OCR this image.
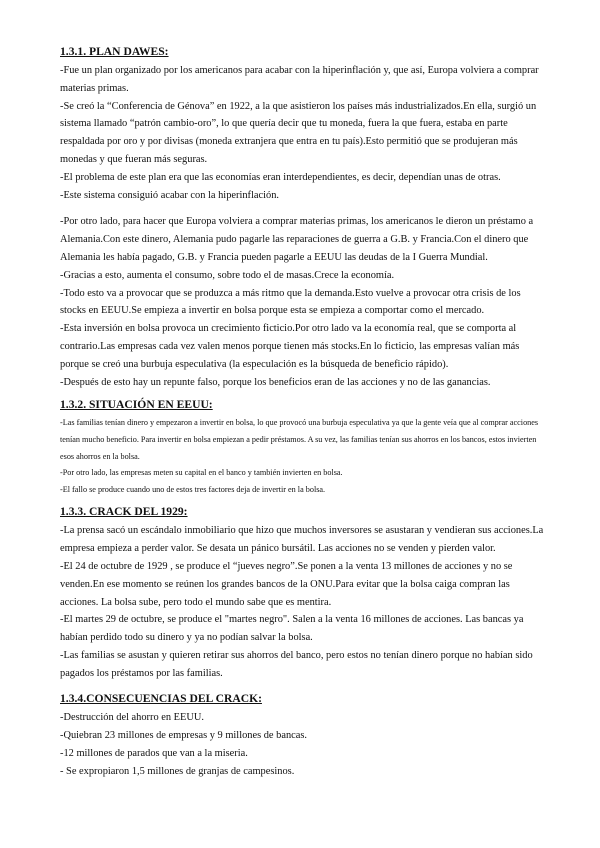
1.3.1. PLAN DAWES:

-Fue un plan organizado por los americanos para acabar con la hiperinflación y, que así, Europa volviera a comprar materias primas.

-Se creó la “Conferencia de Génova” en 1922, a la que asistieron los países más industrializados.En ella, surgió un sistema llamado “patrón cambio-oro”, lo que quería decir que tu moneda, fuera la que fuera, estaba en parte respaldada por oro y por divisas (moneda extranjera que entra en tu país).Esto permitió que se produjeran más monedas y que fueran más seguras.

-El problema de este plan era que las economías eran interdependientes, es decir, dependían unas de otras.

-Este sistema consiguió acabar con la hiperinflación.

-Por otro lado, para hacer que Europa volviera a comprar materias primas, los americanos le dieron un préstamo a Alemania.Con este dinero, Alemania pudo pagarle las reparaciones de guerra a G.B. y Francia.Con el dinero que Alemania les había pagado, G.B. y Francia pueden pagarle a EEUU las deudas de la I Guerra Mundial.

-Gracias a esto, aumenta el consumo, sobre todo el de masas.Crece la economía.

-Todo esto va a provocar que se produzca a más ritmo que la demanda.Esto vuelve a provocar otra crisis de los stocks en EEUU.Se empieza a invertir en bolsa porque esta se empieza a comportar como el mercado.

-Esta inversión en bolsa provoca un crecimiento ficticio.Por otro lado va la economía real, que se comporta al contrario.Las empresas cada vez valen menos porque tienen más stocks.En lo ficticio, las empresas valían más porque se creó una burbuja especulativa (la especulación es la búsqueda de beneficio rápido).

-Después de esto hay un repunte falso, porque los beneficios eran de las acciones y no de las ganancias.

1.3.2. SITUACIÓN EN EEUU:

-Las familias tenían dinero y empezaron a invertir en bolsa, lo que provocó una burbuja especulativa ya que la gente veía que al comprar acciones tenían mucho beneficio. Para invertir en bolsa empiezan a pedir préstamos. A su vez, las familias tenían sus ahorros en los bancos, estos invierten esos ahorros en la bolsa.

-Por otro lado, las empresas meten su capital en el banco y también invierten en bolsa.

-El fallo se produce cuando uno de estos tres factores deja de invertir en la bolsa.

1.3.3. CRACK DEL 1929:

-La prensa sacó un escándalo inmobiliario que hizo que muchos inversores se asustaran y vendieran sus acciones.La empresa empieza a perder valor. Se desata un pánico bursátil. Las acciones no se venden y pierden valor.

-El 24 de octubre de 1929 , se produce el “jueves negro”.Se ponen a la venta 13 millones de acciones y no se venden.En ese momento se reúnen los grandes bancos de la ONU.Para evitar que la bolsa caiga compran las acciones. La bolsa sube, pero todo el mundo sabe que es mentira.

-El martes 29 de octubre, se produce el "martes negro". Salen a la venta 16 millones de acciones. Las bancas ya habían perdido todo su dinero y ya no podían salvar la bolsa.

-Las familias se asustan y quieren retirar sus ahorros del banco, pero estos no tenían dinero porque no habían sido pagados los préstamos por las familias.

1.3.4.CONSECUENCIAS DEL CRACK:

-Destrucción del ahorro en EEUU.

-Quiebran 23 millones de empresas y 9 millones de bancas.

-12 millones de parados que van a la miseria.

- Se expropiaron 1,5 millones de granjas de campesinos.
